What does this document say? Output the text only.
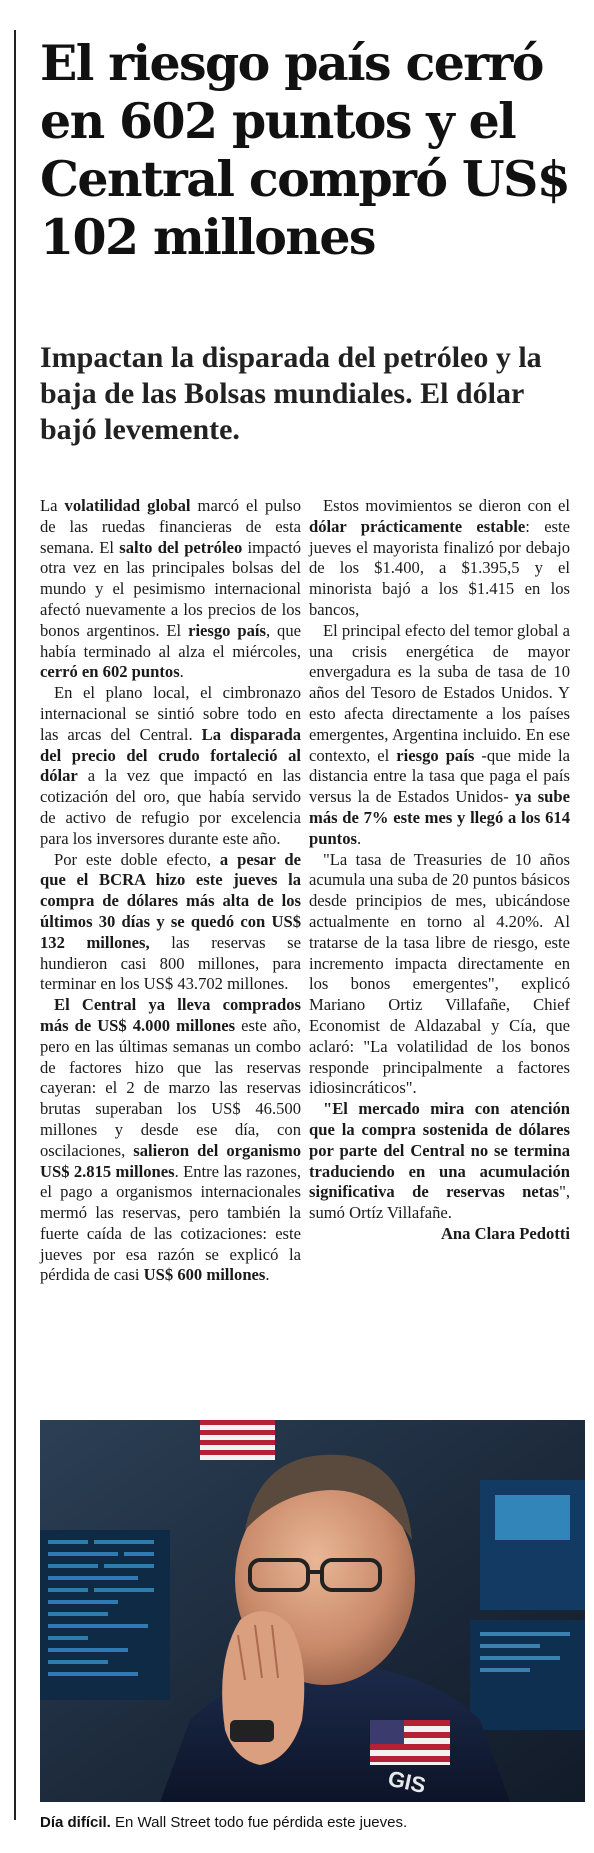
El riesgo país cerró en 602 puntos y el Central compró US$ 102 millones
Impactan la disparada del petróleo y la baja de las Bolsas mundiales. El dólar bajó levemente.

La volatilidad global marcó el pulso de las ruedas financieras de esta semana. El salto del petróleo impactó otra vez en las principales bolsas del mundo y el pesimismo internacional afectó nuevamente a los precios de los bonos argentinos. El riesgo país, que había terminado al alza el miércoles, cerró en 602 puntos.

En el plano local, el cimbronazo internacional se sintió sobre todo en las arcas del Central. La disparada del precio del crudo fortaleció al dólar a la vez que impactó en las cotización del oro, que había servido de activo de refugio por excelencia para los inversores durante este año.

Por este doble efecto, a pesar de que el BCRA hizo este jueves la compra de dólares más alta de los últimos 30 días y se quedó con US$ 132 millones, las reservas se hundieron casi 800 millones, para terminar en los US$ 43.702 millones.

El Central ya lleva comprados más de US$ 4.000 millones este año, pero en las últimas semanas un combo de factores hizo que las reservas cayeran: el 2 de marzo las reservas brutas superaban los US$ 46.500 millones y desde ese día, con oscilaciones, salieron del organismo US$ 2.815 millones. Entre las razones, el pago a organismos internacionales mermó las reservas, pero también la fuerte caída de las cotizaciones: este jueves por esa razón se explicó la pérdida de casi US$ 600 millones.

Estos movimientos se dieron con el dólar prácticamente estable: este jueves el mayorista finalizó por debajo de los $1.400, a $1.395,5 y el minorista bajó a los $1.415 en los bancos,

El principal efecto del temor global a una crisis energética de mayor envergadura es la suba de tasa de 10 años del Tesoro de Estados Unidos. Y esto afecta directamente a los países emergentes, Argentina incluido. En ese contexto, el riesgo país -que mide la distancia entre la tasa que paga el país versus la de Estados Unidos- ya sube más de 7% este mes y llegó a los 614 puntos.

"La tasa de Treasuries de 10 años acumula una suba de 20 puntos básicos desde principios de mes, ubicándose actualmente en torno al 4.20%. Al tratarse de la tasa libre de riesgo, este incremento impacta directamente en los bonos emergentes", explicó Mariano Ortiz Villafañe, Chief Economist de Aldazabal y Cía, que aclaró: "La volatilidad de los bonos responde principalmente a factores idiosincráticos".

"El mercado mira con atención que la compra sostenida de dólares por parte del Central no se termina traduciendo en una acumulación significativa de reservas netas", sumó Ortíz Villafañe.

Ana Clara Pedotti

GIS

Día difícil. En Wall Street todo fue pérdida este jueves.
